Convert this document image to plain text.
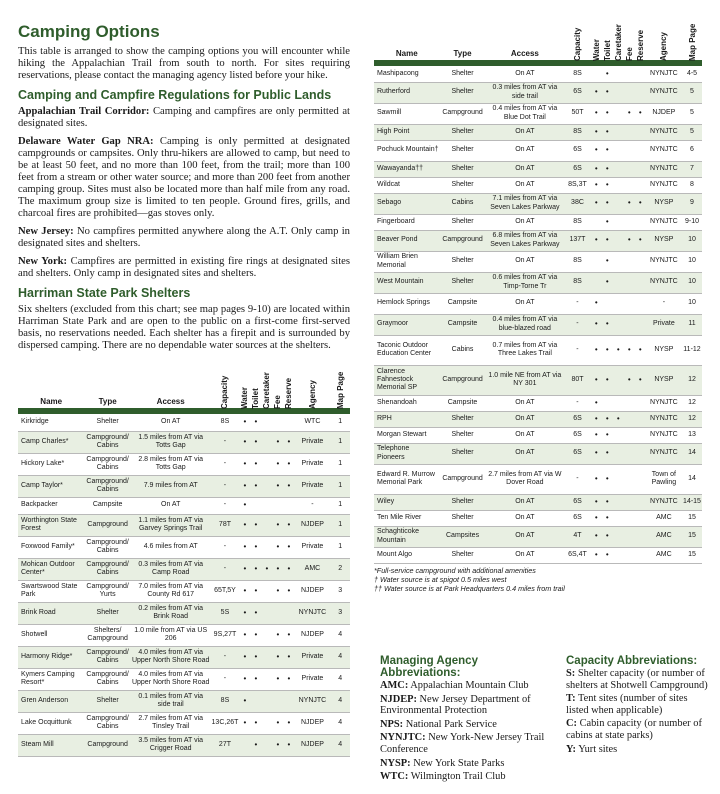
Camping Options

This table is arranged to show the camping options you will encounter while hiking the Appalachian Trail from south to north. For sites requiring reservations, please contact the managing agency listed before your hike.

Camping and Campfire Regulations for Public Lands

Appalachian Trail Corridor: Camping and campfires are only permitted at designated sites.

Delaware Water Gap NRA: Camping is only permitted at designated campgrounds or campsites. Only thru-hikers are allowed to camp, but need to be at least 50 feet, and no more than 100 feet, from the trail; more than 100 feet from a stream or other water source; and more than 200 feet from another camping group. Sites must also be located more than half mile from any road. The maximum group size is limited to ten people. Ground fires, grills, and charcoal fires are prohibited—gas stoves only.

New Jersey: No campfires permitted anywhere along the A.T. Only camp in designated sites and shelters.

New York: Campfires are permitted in existing fire rings at designated sites and shelters. Only camp in designated sites and shelters.

Harriman State Park Shelters

Six shelters (excluded from this chart; see map pages 9-10) are located within Harriman State Park and are open to the public on a first-come first-served basis, no reservations needed. Each shelter has a firepit and is surrounded by dispersed camping. There are no dependable water sources at the shelters.

Name	Type	Access	Capacity	Water	Toilet	Caretaker	Fee	Reserve	Agency	Map Page

Kirkridge	Shelter	On AT	8S	•	•				WTC	1
Camp Charles*	Campground/ Cabins	1.5 miles from AT via Totts Gap	-	•	•		•	•	Private	1
Hickory Lake*	Campground/ Cabins	2.8 miles from AT via Totts Gap	-	•	•		•	•	Private	1
Camp Taylor*	Campground/ Cabins	7.9 miles from AT	-	•	•		•	•	Private	1
Backpacker	Campsite	On AT	-	•					-	1
Worthington State Forest	Campground	1.1 miles from AT via Garvey Springs Trail	78T	•	•		•	•	NJDEP	1
Foxwood Family*	Campground/ Cabins	4.6 miles from AT	-	•	•		•	•	Private	1
Mohican Outdoor Center*	Campground/ Cabins	0.3 miles from AT via Camp Road	-	•	•	•	•	•	AMC	2
Swartswood State Park	Campground/ Yurts	7.0 miles from AT via County Rd 617	65T,5Y	•	•		•	•	NJDEP	3
Brink Road	Shelter	0.2 miles from AT via Brink Road	5S	•	•				NYNJTC	3
Shotwell	Shelters/ Campground	1.0 mile from AT via US 206	9S,27T	•	•		•	•	NJDEP	4
Harmony Ridge*	Campground/ Cabins	4.0 miles from AT via Upper North Shore Road	-	•	•		•	•	Private	4
Kymers Camping Resort*	Campground/ Cabins	4.0 miles from AT via Upper North Shore Road	-	•	•		•	•	Private	4
Gren Anderson	Shelter	0.1 miles from AT via side trail	8S	•					NYNJTC	4
Lake Ocquittunk	Campground/ Cabins	2.7 miles from AT via Tinsley Trail	13C,26T	•	•		•	•	NJDEP	4
Steam Mill	Campground	3.5 miles from AT via Crigger Road	27T		•		•	•	NJDEP	4
Name	Type	Access	Capacity	Water	Toilet	Caretaker	Fee	Reserve	Agency	Map Page

Mashipacong	Shelter	On AT	8S		•				NYNJTC	4-5
Rutherford	Shelter	0.3 miles from AT via side trail	6S	•	•				NYNJTC	5
Sawmill	Campground	0.4 miles from AT via Blue Dot Trail	50T	•	•		•	•	NJDEP	5
High Point	Shelter	On AT	8S	•	•				NYNJTC	5
Pochuck Mountain†	Shelter	On AT	6S	•	•				NYNJTC	6
Wawayanda††	Shelter	On AT	6S	•	•				NYNJTC	7
Wildcat	Shelter	On AT	8S,3T	•	•				NYNJTC	8
Sebago	Cabins	7.1 miles from AT via Seven Lakes Parkway	38C	•	•		•	•	NYSP	9
Fingerboard	Shelter	On AT	8S		•				NYNJTC	9-10
Beaver Pond	Campground	6.8 miles from AT via Seven Lakes Parkway	137T	•	•		•	•	NYSP	10
William Brien Memorial	Shelter	On AT	8S		•				NYNJTC	10
West Mountain	Shelter	0.6 miles from AT via Timp-Torne Tr	8S		•				NYNJTC	10
Hemlock Springs	Campsite	On AT	-	•					-	10
Graymoor	Campsite	0.4 miles from AT via blue-blazed road	-	•	•				Private	11
Taconic Outdoor Education Center	Cabins	0.7 miles from AT via Three Lakes Trail	-	•	•	•	•	•	NYSP	11-12
Clarence Fahnestock Memorial SP	Campground	1.0 mile NE from AT via NY 301	80T	•	•		•	•	NYSP	12
Shenandoah	Campsite	On AT	-	•					NYNJTC	12
RPH	Shelter	On AT	6S	•	•	•			NYNJTC	12
Morgan Stewart	Shelter	On AT	6S	•	•				NYNJTC	13
Telephone Pioneers	Shelter	On AT	6S	•	•				NYNJTC	14
Edward R. Murrow Memorial Park	Campground	2.7 miles from AT via W Dover Road	-	•	•				Town of Pawling	14
Wiley	Shelter	On AT	6S	•	•				NYNJTC	14-15
Ten Mile River	Shelter	On AT	6S	•	•				AMC	15
Schaghticoke Mountain	Campsites	On AT	4T	•	•				AMC	15
Mount Algo	Shelter	On AT	6S,4T	•	•				AMC	15
*Full-service campground with additional amenities
† Water source is at spigot 0.5 miles west
†† Water source is at Park Headquarters 0.4 miles from trail
Managing Agency Abbreviations:
AMC: Appalachian Mountain Club
NJDEP: New Jersey Department of Environmental Protection
NPS: National Park Service
NYNJTC: New York-New Jersey Trail Conference
NYSP: New York State Parks
WTC: Wilmington Trail Club
Capacity Abbreviations:
S: Shelter capacity (or number of shelters at Shotwell Campground)
T: Tent sites (number of sites listed when applicable)
C: Cabin capacity (or number of cabins at state parks)
Y: Yurt sites
